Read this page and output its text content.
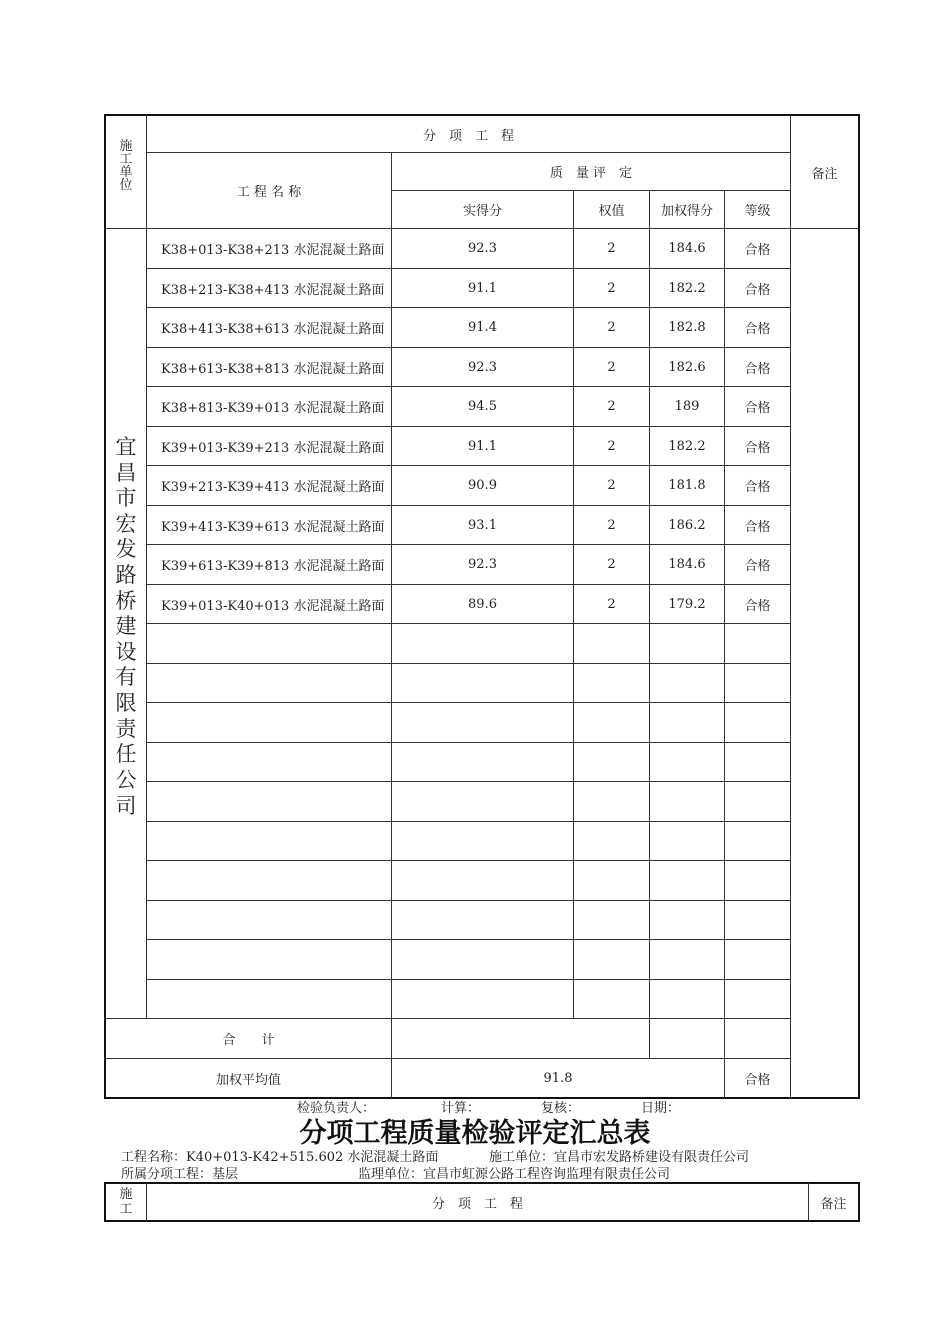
施
工
单
位
分　项　工　程
工 程 名 称
质　量 评　定	备注
实得分	权值	加权得分	等级
宜
昌
市
宏
发
路
桥
建
设
有
限
责
任
公
司
K38+013-K38+213 水泥混凝土路面	92.3	2	184.6	合格
K38+213-K38+413 水泥混凝土路面	91.1	2	182.2	合格
K38+413-K38+613 水泥混凝土路面	91.4	2	182.8	合格
K38+613-K38+813 水泥混凝土路面	92.3	2	182.6	合格
K38+813-K39+013 水泥混凝土路面	94.5	2	189	合格
K39+013-K39+213 水泥混凝土路面	91.1	2	182.2	合格
K39+213-K39+413 水泥混凝土路面	90.9	2	181.8	合格
K39+413-K39+613 水泥混凝土路面	93.1	2	186.2	合格
K39+613-K39+813 水泥混凝土路面	92.3	2	184.6	合格
K39+013-K40+013 水泥混凝土路面	89.6	2	179.2	合格
合　　计
加权平均值	91.8	合格
检验负责人：	计算：	复核：	日期：
分项工程质量检验评定汇总表
工程名称：K40+013-K42+515.602 水泥混凝土路面	施工单位：宜昌市宏发路桥建设有限责任公司
所属分项工程：基层	监理单位：宜昌市虹源公路工程咨询监理有限责任公司
施
工	分　项　工　程	备注
